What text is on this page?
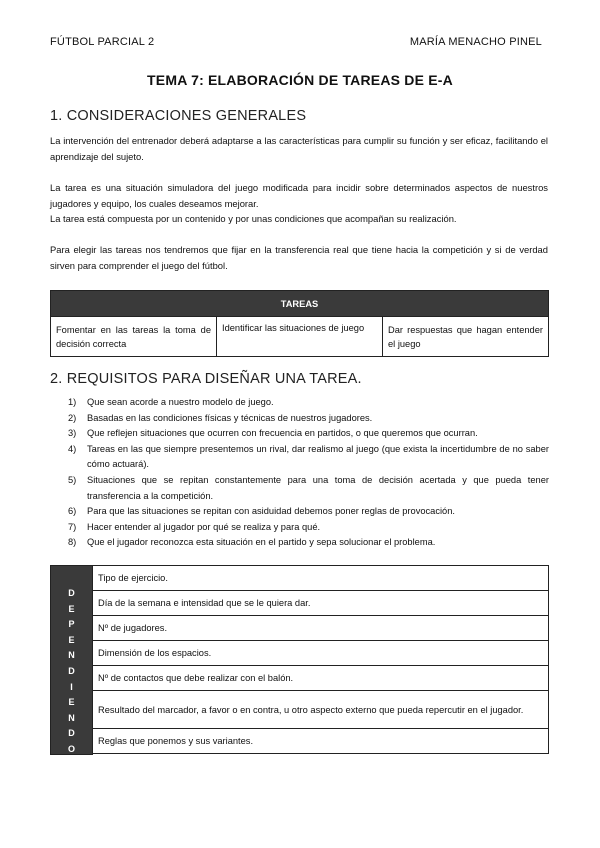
FÚTBOL PARCIAL 2	MARÍA MENACHO PINEL
TEMA 7: ELABORACIÓN DE TAREAS DE E-A
1. CONSIDERACIONES GENERALES

La intervención del entrenador deberá adaptarse a las características para cumplir su función y ser eficaz, facilitando el aprendizaje del sujeto.

La tarea es una situación simuladora del juego modificada para incidir sobre determinados aspectos de nuestros jugadores y equipo, los cuales deseamos mejorar.

La tarea está compuesta por un contenido y por unas condiciones que acompañan su realización.

Para elegir las tareas nos tendremos que fijar en la transferencia real que tiene hacia la competición y si de verdad sirven para comprender el juego del fútbol.

TAREAS
Fomentar en las tareas la toma de decisión correcta	Identificar las situaciones de juego	Dar respuestas que hagan entender el juego
2. REQUISITOS PARA DISEÑAR UNA TAREA.
1)	Que sean acorde a nuestro modelo de juego.
2)	Basadas en las condiciones físicas y técnicas de nuestros jugadores.
3)	Que reflejen situaciones que ocurren con frecuencia en partidos, o que queremos que ocurran.
4)	Tareas en las que siempre presentemos un rival, dar realismo al juego (que exista la incertidumbre de no saber cómo actuará).
5)	Situaciones que se repitan constantemente para una toma de decisión acertada y que pueda tener transferencia a la competición.
6)	Para que las situaciones se repitan con asiduidad debemos poner reglas de provocación.
7)	Hacer entender al jugador por qué se realiza y para qué.
8)	Que el jugador reconozca esta situación en el partido y sepa solucionar el problema.
D
E
P
E
N
D
I
E
N
D
O
Tipo de ejercicio.
Día de la semana e intensidad que se le quiera dar.
Nº de jugadores.
Dimensión de los espacios.
Nº de contactos que debe realizar con el balón.
Resultado del marcador, a favor o en contra, u otro aspecto externo que pueda repercutir en el jugador.
Reglas que ponemos y sus variantes.
